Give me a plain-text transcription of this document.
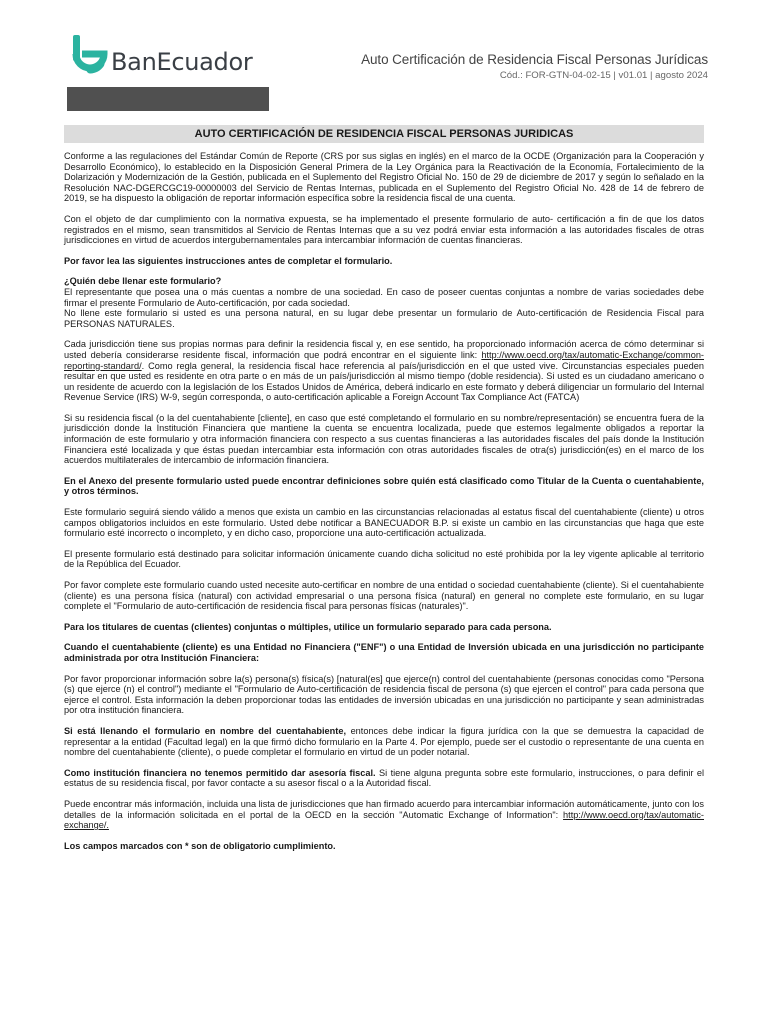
BanEcuador	Auto Certificación de Residencia Fiscal Personas Jurídicas
Cód.: FOR-GTN-04-02-15 | v01.01 | agosto 2024
AUTO CERTIFICACIÓN DE RESIDENCIA FISCAL PERSONAS JURIDICAS

Conforme a las regulaciones del Estándar Común de Reporte (CRS por sus siglas en inglés) en el marco de la OCDE (Organización para la Cooperación y Desarrollo Económico), lo establecido en la Disposición General Primera de la Ley Orgánica para la Reactivación de la Economía, Fortalecimiento de la Dolarización y Modernización de la Gestión, publicada en el Suplemento del Registro Oficial No. 150 de 29 de diciembre de 2017 y según lo señalado en la Resolución NAC-DGERCGC19-00000003 del Servicio de Rentas Internas, publicada en el Suplemento del Registro Oficial No. 428 de 14 de febrero de 2019, se ha dispuesto la obligación de reportar información específica sobre la residencia fiscal de una cuenta.

Con el objeto de dar cumplimiento con la normativa expuesta, se ha implementado el presente formulario de auto- certificación a fin de que los datos registrados en el mismo, sean transmitidos al Servicio de Rentas Internas que a su vez podrá enviar esta información a las autoridades fiscales de otras jurisdicciones en virtud de acuerdos intergubernamentales para intercambiar información de cuentas financieras.

Por favor lea las siguientes instrucciones antes de completar el formulario.

¿Quién debe llenar este formulario?

El representante que posea una o más cuentas a nombre de una sociedad. En caso de poseer cuentas conjuntas a nombre de varias sociedades debe firmar el presente Formulario de Auto-certificación, por cada sociedad.

No llene este formulario si usted es una persona natural, en su lugar debe presentar un formulario de Auto-certificación de Residencia Fiscal para PERSONAS NATURALES.

Cada jurisdicción tiene sus propias normas para definir la residencia fiscal y, en ese sentido, ha proporcionado información acerca de cómo determinar si usted debería considerarse residente fiscal, información que podrá encontrar en el siguiente link: http://www.oecd.org/tax/automatic-Exchange/common-reporting-standard/. Como regla general, la residencia fiscal hace referencia al país/jurisdicción en el que usted vive. Circunstancias especiales pueden resultar en que usted es residente en otra parte o en más de un país/jurisdicción al mismo tiempo (doble residencia). Si usted es un ciudadano americano o un residente de acuerdo con la legislación de los Estados Unidos de América, deberá indicarlo en este formato y deberá diligenciar un formulario del Internal Revenue Service (IRS) W-9, según corresponda, o auto-certificación aplicable a Foreign Account Tax Compliance Act (FATCA)

Si su residencia fiscal (o la del cuentahabiente [cliente], en caso que esté completando el formulario en su nombre/representación) se encuentra fuera de la jurisdicción donde la Institución Financiera que mantiene la cuenta se encuentra localizada, puede que estemos legalmente obligados a reportar la información de este formulario y otra información financiera con respecto a sus cuentas financieras a las autoridades fiscales del país donde la Institución Financiera esté localizada y que éstas puedan intercambiar esta información con otras autoridades fiscales de otra(s) jurisdicción(es) en el marco de los acuerdos multilaterales de intercambio de información financiera.

En el Anexo del presente formulario usted puede encontrar definiciones sobre quién está clasificado como Titular de la Cuenta o cuentahabiente, y otros términos.

Este formulario seguirá siendo válido a menos que exista un cambio en las circunstancias relacionadas al estatus fiscal del cuentahabiente (cliente) u otros campos obligatorios incluidos en este formulario. Usted debe notificar a BANECUADOR B.P. si existe un cambio en las circunstancias que haga que este formulario esté incorrecto o incompleto, y en dicho caso, proporcione una auto-certificación actualizada.

El presente formulario está destinado para solicitar información únicamente cuando dicha solicitud no esté prohibida por la ley vigente aplicable al territorio de la República del Ecuador.

Por favor complete este formulario cuando usted necesite auto-certificar en nombre de una entidad o sociedad cuentahabiente (cliente). Si el cuentahabiente (cliente) es una persona física (natural) con actividad empresarial o una persona física (natural) en general no complete este formulario, en su lugar complete el "Formulario de auto-certificación de residencia fiscal para personas físicas (naturales)".

Para los titulares de cuentas (clientes) conjuntas o múltiples, utilice un formulario separado para cada persona.

Cuando el cuentahabiente (cliente) es una Entidad no Financiera ("ENF") o una Entidad de Inversión ubicada en una jurisdicción no participante administrada por otra Institución Financiera:

Por favor proporcionar información sobre la(s) persona(s) física(s) [natural(es] que ejerce(n) control del cuentahabiente (personas conocidas como "Persona (s) que ejerce (n) el control") mediante el "Formulario de Auto-certificación de residencia fiscal de persona (s) que ejercen el control" para cada persona que ejerce el control. Esta información la deben proporcionar todas las entidades de inversión ubicadas en una jurisdicción no participante y sean administradas por otra institución financiera.

Si está llenando el formulario en nombre del cuentahabiente, entonces debe indicar la figura jurídica con la que se demuestra la capacidad de representar a la entidad (Facultad legal) en la que firmó dicho formulario en la Parte 4. Por ejemplo, puede ser el custodio o representante de una cuenta en nombre del cuentahabiente (cliente), o puede completar el formulario en virtud de un poder notarial.

Como institución financiera no tenemos permitido dar asesoría fiscal. Si tiene alguna pregunta sobre este formulario, instrucciones, o para definir el estatus de su residencia fiscal, por favor contacte a su asesor fiscal o a la Autoridad fiscal.

Puede encontrar más información, incluida una lista de jurisdicciones que han firmado acuerdo para intercambiar información automáticamente, junto con los detalles de la información solicitada en el portal de la OECD en la sección "Automatic Exchange of Information": http://www.oecd.org/tax/automatic-exchange/.

Los campos marcados con * son de obligatorio cumplimiento.
